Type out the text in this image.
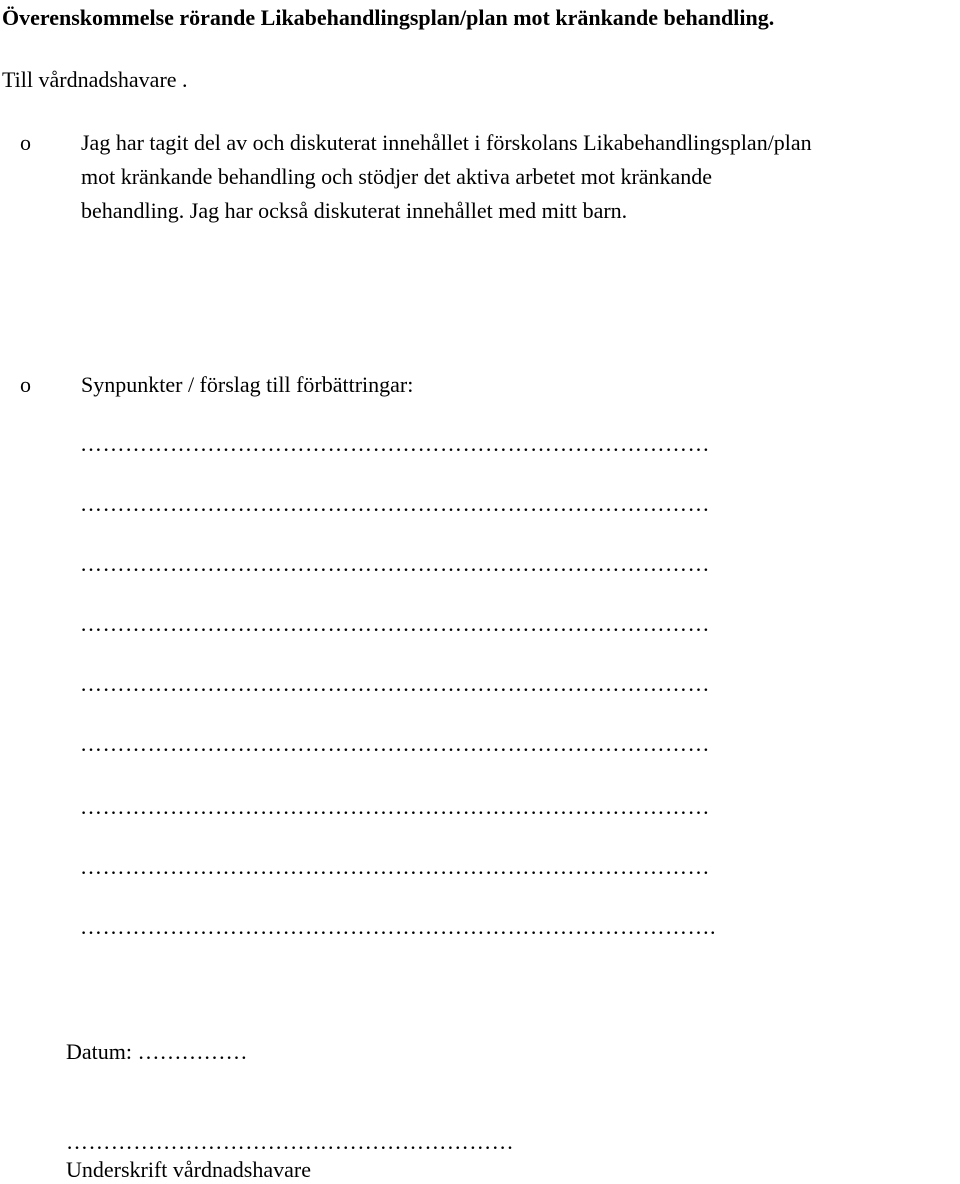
Överenskommelse rörande Likabehandlingsplan/plan mot kränkande behandling.
Till vårdnadshavare .
o Jag har tagit del av och diskuterat innehållet i förskolans Likabehandlingsplan/plan
mot kränkande behandling och stödjer det aktiva arbetet mot kränkande
behandling. Jag har också diskuterat innehållet med mitt barn.
o Synpunkter / förslag till förbättringar:
…………………………………………………………………………
…………………………………………………………………………
…………………………………………………………………………
…………………………………………………………………………
…………………………………………………………………………
…………………………………………………………………………
…………………………………………………………………………
…………………………………………………………………………
………………………………………………………………………….
Datum: ……………
……………………………………………………
Underskrift vårdnadshavare
